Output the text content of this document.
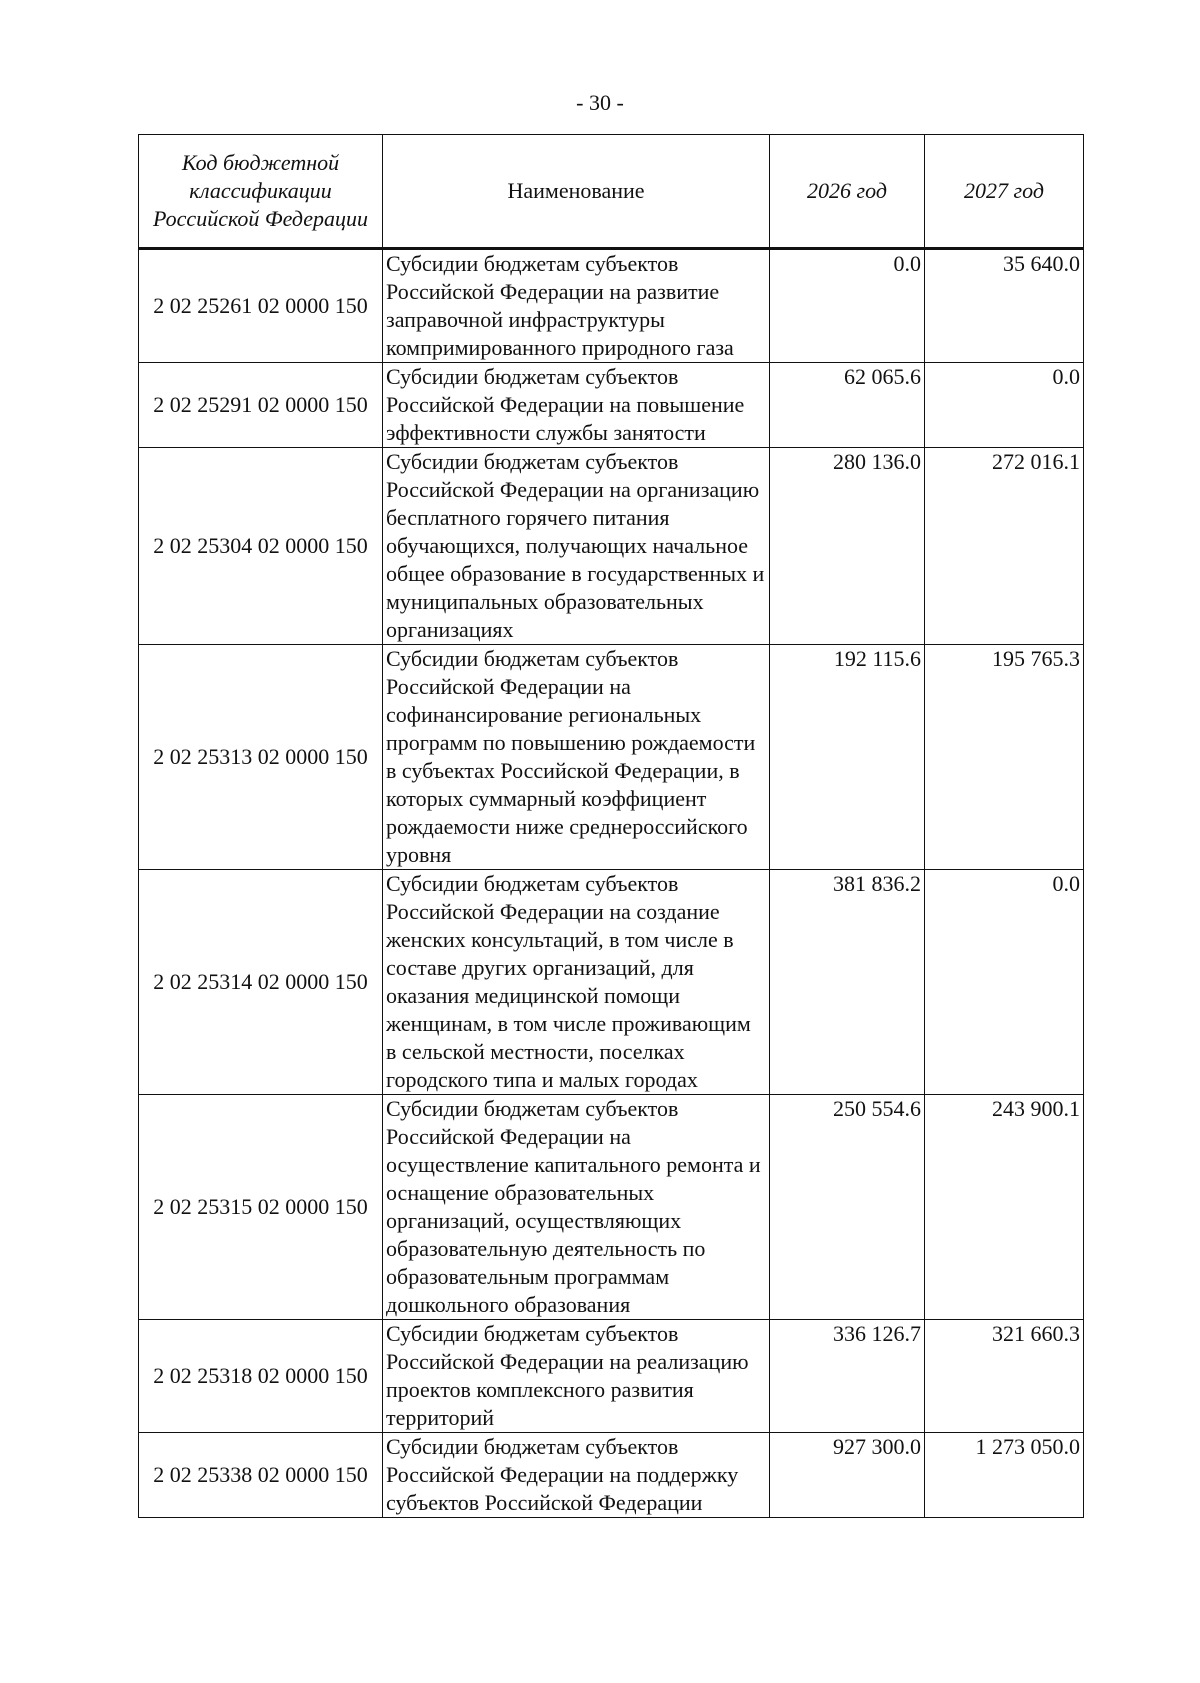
- 30 -
Код бюджетной классификации Российской Федерации	Наименование	2026 год	2027 год
2 02 25261 02 0000 150	Субсидии бюджетам субъектов Российской Федерации на развитие заправочной инфраструктуры компримированного природного газа	0.0	35 640.0
2 02 25291 02 0000 150	Субсидии бюджетам субъектов Российской Федерации на повышение эффективности службы занятости	62 065.6	0.0
2 02 25304 02 0000 150	Субсидии бюджетам субъектов Российской Федерации на организацию бесплатного горячего питания обучающихся, получающих начальное общее образование в государственных и муниципальных образовательных организациях	280 136.0	272 016.1
2 02 25313 02 0000 150	Субсидии бюджетам субъектов Российской Федерации на софинансирование региональных программ по повышению рождаемости в субъектах Российской Федерации, в которых суммарный коэффициент рождаемости ниже среднероссийского уровня	192 115.6	195 765.3
2 02 25314 02 0000 150	Субсидии бюджетам субъектов Российской Федерации на создание женских консультаций, в том числе в составе других организаций, для оказания медицинской помощи женщинам, в том числе проживающим в сельской местности, поселках городского типа и малых городах	381 836.2	0.0
2 02 25315 02 0000 150	Субсидии бюджетам субъектов Российской Федерации на осуществление капитального ремонта и оснащение образовательных организаций, осуществляющих образовательную деятельность по образовательным программам дошкольного образования	250 554.6	243 900.1
2 02 25318 02 0000 150	Субсидии бюджетам субъектов Российской Федерации на реализацию проектов комплексного развития территорий	336 126.7	321 660.3
2 02 25338 02 0000 150	Субсидии бюджетам субъектов Российской Федерации на поддержку субъектов Российской Федерации	927 300.0	1 273 050.0
